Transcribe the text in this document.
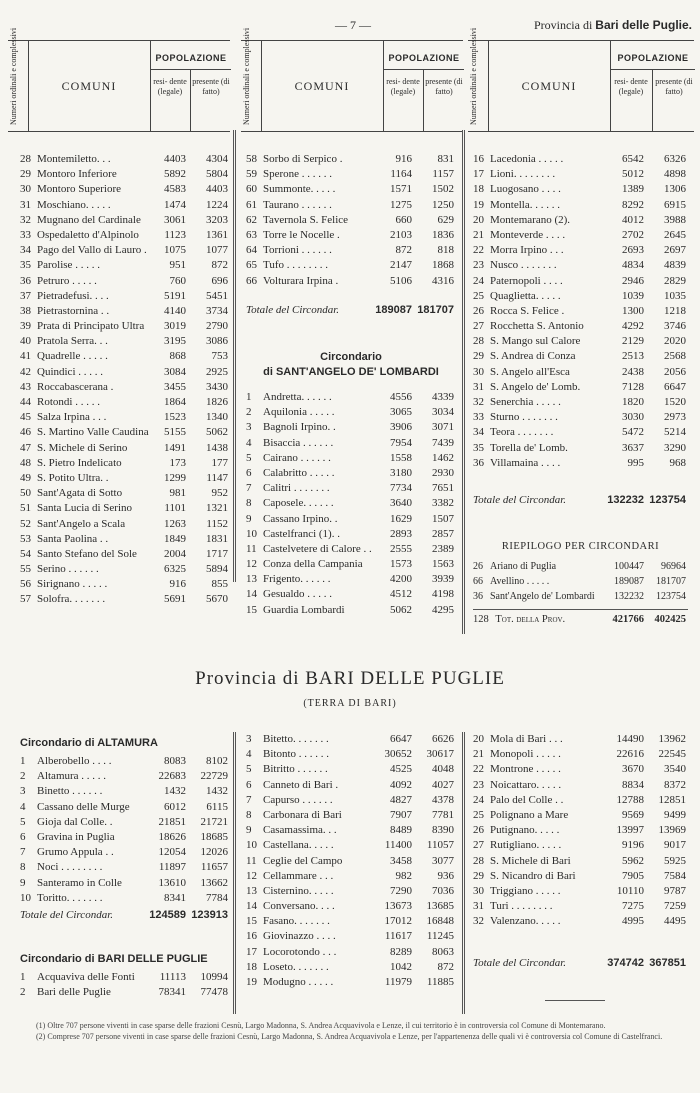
— 7 —	Provincia di Bari delle Puglie.
Numeri ordinali e complessivi	COMUNI
POPOLAZIONE
resi- dente (legale)
presente (di fatto)	Numeri ordinali e complessivi	COMUNI
POPOLAZIONE
resi- dente (legale)
presente (di fatto)	Numeri ordinali e complessivi	COMUNI
POPOLAZIONE
resi- dente (legale)
presente (di fatto)
28 Montemiletto. . .	4403 4304
29 Montoro Inferiore	5892 5804
30 Montoro Superiore	4583 4403
31 Moschiano. . . . .	1474 1224
32 Mugnano del Cardinale 3061 3203
33 Ospedaletto d'Alpinolo 1123 1361
34 Pago del Vallo di Lauro . 1075 1077
35 Parolise . . . . .	951 872
36 Petruro . . . . .	760 696
37 Pietradefusi. . . .	5191 5451
38 Pietrastornina . .	4140 3734
39 Prata di Principato Ultra 3019 2790
40 Pratola Serra. . .	3195 3086
41 Quadrelle . . . . .	868 753
42 Quindici . . . . .	3084 2925
43 Roccabascerana .	3455 3430
44 Rotondi . . . . .	1864 1826
45 Salza Irpina . . .	1523 1340
46 S. Martino Valle Caudina 5155 5062
47 S. Michele di Serino	1491 1438
48 S. Pietro Indelicato	173 177
49 S. Potito Ultra. .	1299 1147
50 Sant'Agata di Sotto	981 952
51 Santa Lucia di Serino	1101 1321
52 Sant'Angelo a Scala	1263 1152
53 Santa Paolina . .	1849 1831
54 Santo Stefano del Sole 2004 1717
55 Serino . . . . . .	6325 5894
56 Sirignano . . . . .	916 855
57 Solofra. . . . . . .	5691 5670
58 Sorbo di Serpico .	916 831
59 Sperone . . . . . .	1164 1157
60 Summonte. . . . .	1571 1502
61 Taurano . . . . . .	1275 1250
62 Tavernola S. Felice	660 629
63 Torre le Nocelle .	2103 1836
64 Torrioni . . . . . .	872 818
65 Tufo . . . . . . . .	2147 1868
66 Volturara Irpina .	5106 4316
Totale del Circondar.	189087 181707
Circondario
di SANT'ANGELO DE' LOMBARDI
1	Andretta. . . . . .	4556 4339
2	Aquilonia . . . . .	3065 3034
3	Bagnoli Irpino. .	3906 3071
4	Bisaccia . . . . . .	7954 7439
5	Cairano . . . . . .	1558 1462
6	Calabritto . . . . .	3180 2930
7	Calitri . . . . . . .	7734 7651
8	Caposele. . . . . .	3640 3382
9	Cassano Irpino. .	1629 1507
10 Castelfranci (1). .	2893 2857
11 Castelvetere di Calore . . 2555 2389
12 Conza della Campania 1573 1563
13 Frigento. . . . . .	4200 3939
14 Gesualdo . . . . .	4512 4198
15 Guardia Lombardi	5062 4295
16 Lacedonia . . . . .	6542 6326
17 Lioni. . . . . . . .	5012 4898
18 Luogosano . . . .	1389 1306
19 Montella. . . . . .	8292 6915
20 Montemarano (2).	4012 3988
21 Monteverde . . . .	2702 2645
22 Morra Irpino . . .	2693 2697
23 Nusco . . . . . . .	4834 4839
24 Paternopoli . . . .	2946 2829
25 Quaglietta. . . . .	1039 1035
26 Rocca S. Felice .	1300 1218
27 Rocchetta S. Antonio	4292 3746
28 S. Mango sul Calore	2129 2020
29 S. Andrea di Conza	2513 2568
30 S. Angelo all'Esca	2438 2056
31 S. Angelo de' Lomb.	7128 6647
32 Senerchia . . . . .	1820 1520
33 Sturno . . . . . . .	3030 2973
34 Teora . . . . . . .	5472 5214
35 Torella de' Lomb.	3637 3290
36 Villamaina . . . .	995 968
Totale del Circondar.	132232 123754
RIEPILOGO PER CIRCONDARI
26 Ariano di Puglia	100447 96964
66 Avellino . . . . .	189087 181707
36 Sant'Angelo de' Lombardi 132232 123754
128 Tot. della Prov.	421766 402425
Provincia di BARI DELLE PUGLIE
(TERRA DI BARI)
Circondario di ALTAMURA
1	Alberobello . . . .	8083 8102
2	Altamura . . . . .	22683 22729
3	Binetto . . . . . .	1432 1432
4	Cassano delle Murge	6012 6115
5	Gioja dal Colle. .	21851 21721
6	Gravina in Puglia	18626 18685
7	Grumo Appula . .	12054 12026
8	Noci . . . . . . . .	11897 11657
9	Santeramo in Colle	13610 13662
10 Toritto. . . . . . .	8341 7784
Totale del Circondar.	124589 123913
Circondario di BARI DELLE PUGLIE
1	Acquaviva delle Fonti 11113 10994
2	Bari delle Puglie	78341 77478
3	Bitetto. . . . . . .	6647 6626
4	Bitonto . . . . . .	30652 30617
5	Bitritto . . . . . .	4525 4048
6	Canneto di Bari .	4092 4027
7	Capurso . . . . . .	4827 4378
8	Carbonara di Bari	7907 7781
9	Casamassima. . .	8489 8390
10 Castellana. . . . .	11400 11057
11 Ceglie del Campo	3458 3077
12 Cellammare . . .	982 936
13 Cisternino. . . . .	7290 7036
14 Conversano. . . .	13673 13685
15 Fasano. . . . . . .	17012 16848
16 Giovinazzo . . . .	11617 11245
17 Locorotondo . . .	8289 8063
18 Loseto. . . . . . .	1042 872
19 Modugno . . . . .	11979 11885
20 Mola di Bari . . .	14490 13962
21 Monopoli . . . . .	22616 22545
22 Montrone . . . . .	3670 3540
23 Noicattaro. . . . .	8834 8372
24 Palo del Colle . .	12788 12851
25 Polignano a Mare	9569 9499
26 Putignano. . . . .	13997 13969
27 Rutigliano. . . . .	9196 9017
28 S. Michele di Bari	5962 5925
29 S. Nicandro di Bari	7905 7584
30 Triggiano . . . . .	10110 9787
31 Turi . . . . . . . .	7275 7259
32 Valenzano. . . . .	4995 4495
Totale del Circondar.	374742 367851
(1) Oltre 707 persone viventi in case sparse delle frazioni Cesnù, Largo Madonna, S. Andrea Acquavivola e Lenze, il cui territorio è in controversia col Comune di Montemarano.
(2) Comprese 707 persone viventi in case sparse delle frazioni Cesnù, Largo Madonna, S. Andrea Acquavivola e Lenze, per l'appartenenza delle quali vi è controversia col Comune di Castelfranci.
